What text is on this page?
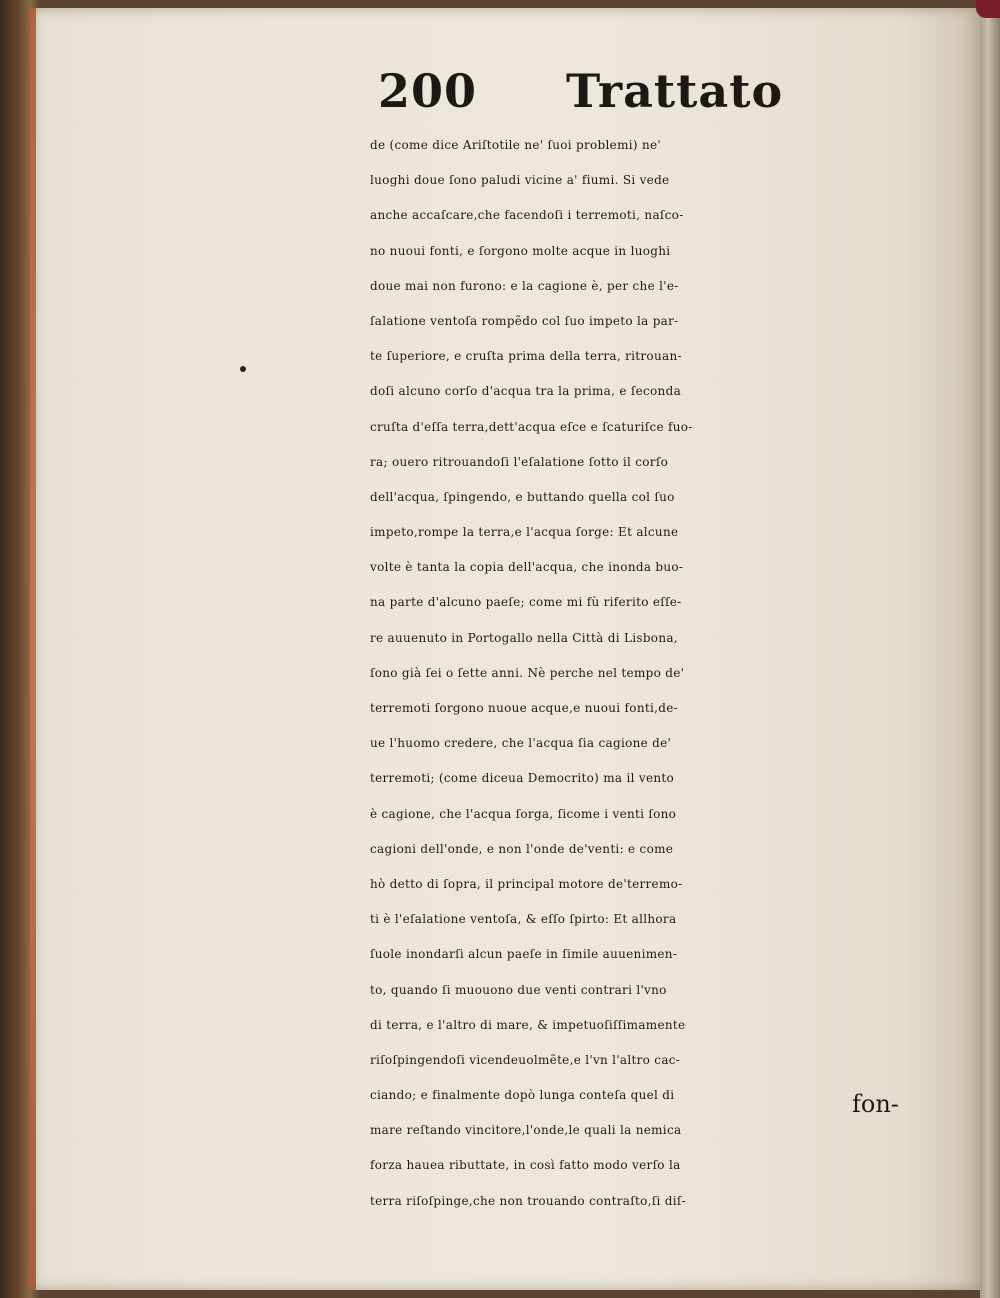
200 Trattato
de (come dice Ariſtotile ne' ſuoi problemi) ne'
luoghi doue ſono paludi vicine a' fiumi. Si vede
anche accaſcare,che facendoſi i terremoti, naſco-
no nuoui fonti, e ſorgono molte acque in luoghi
doue mai non furono: e la cagione è, per che l'e-
ſalatione ventoſa rompẽdo col ſuo impeto la par-
te ſuperiore, e cruſta prima della terra, ritrouan-
doſi alcuno corſo d'acqua tra la prima, e ſeconda
cruſta d'eſſa terra,dett'acqua eſce e ſcaturiſce fuo-
ra; ouero ritrouandoſi l'eſalatione ſotto il corſo
dell'acqua, ſpingendo, e buttando quella col ſuo
impeto,rompe la terra,e l'acqua ſorge: Et alcune
volte è tanta la copia dell'acqua, che inonda buo-
na parte d'alcuno paeſe; come mi fù riferito eſſe-
re auuenuto in Portogallo nella Città di Lisbona,
ſono già ſei o ſette anni. Nè perche nel tempo de'
terremoti ſorgono nuoue acque,e nuoui fonti,de-
ue l'huomo credere, che l'acqua ſia cagione de'
terremoti; (come diceua Democrito) ma il vento
è cagione, che l'acqua ſorga, ſicome i venti ſono
cagioni dell'onde, e non l'onde de'venti: e come
hò detto di ſopra, il principal motore de'terremo-
ti è l'eſalatione ventoſa, & eſſo ſpirto: Et allhora
ſuole inondarſi alcun paeſe in ſimile auuenimen-
to, quando ſi muouono due venti contrari l'vno
di terra, e l'altro di mare, & impetuoſiſſimamente
riſoſpingendoſi vicendeuolmẽte,e l'vn l'altro cac-
ciando; e finalmente dopò lunga conteſa quel di
mare reſtando vincitore,l'onde,le quali la nemica
forza hauea ributtate, in così fatto modo verſo la
terra riſoſpinge,che non trouando contraſto,ſi diſ-
fon-
